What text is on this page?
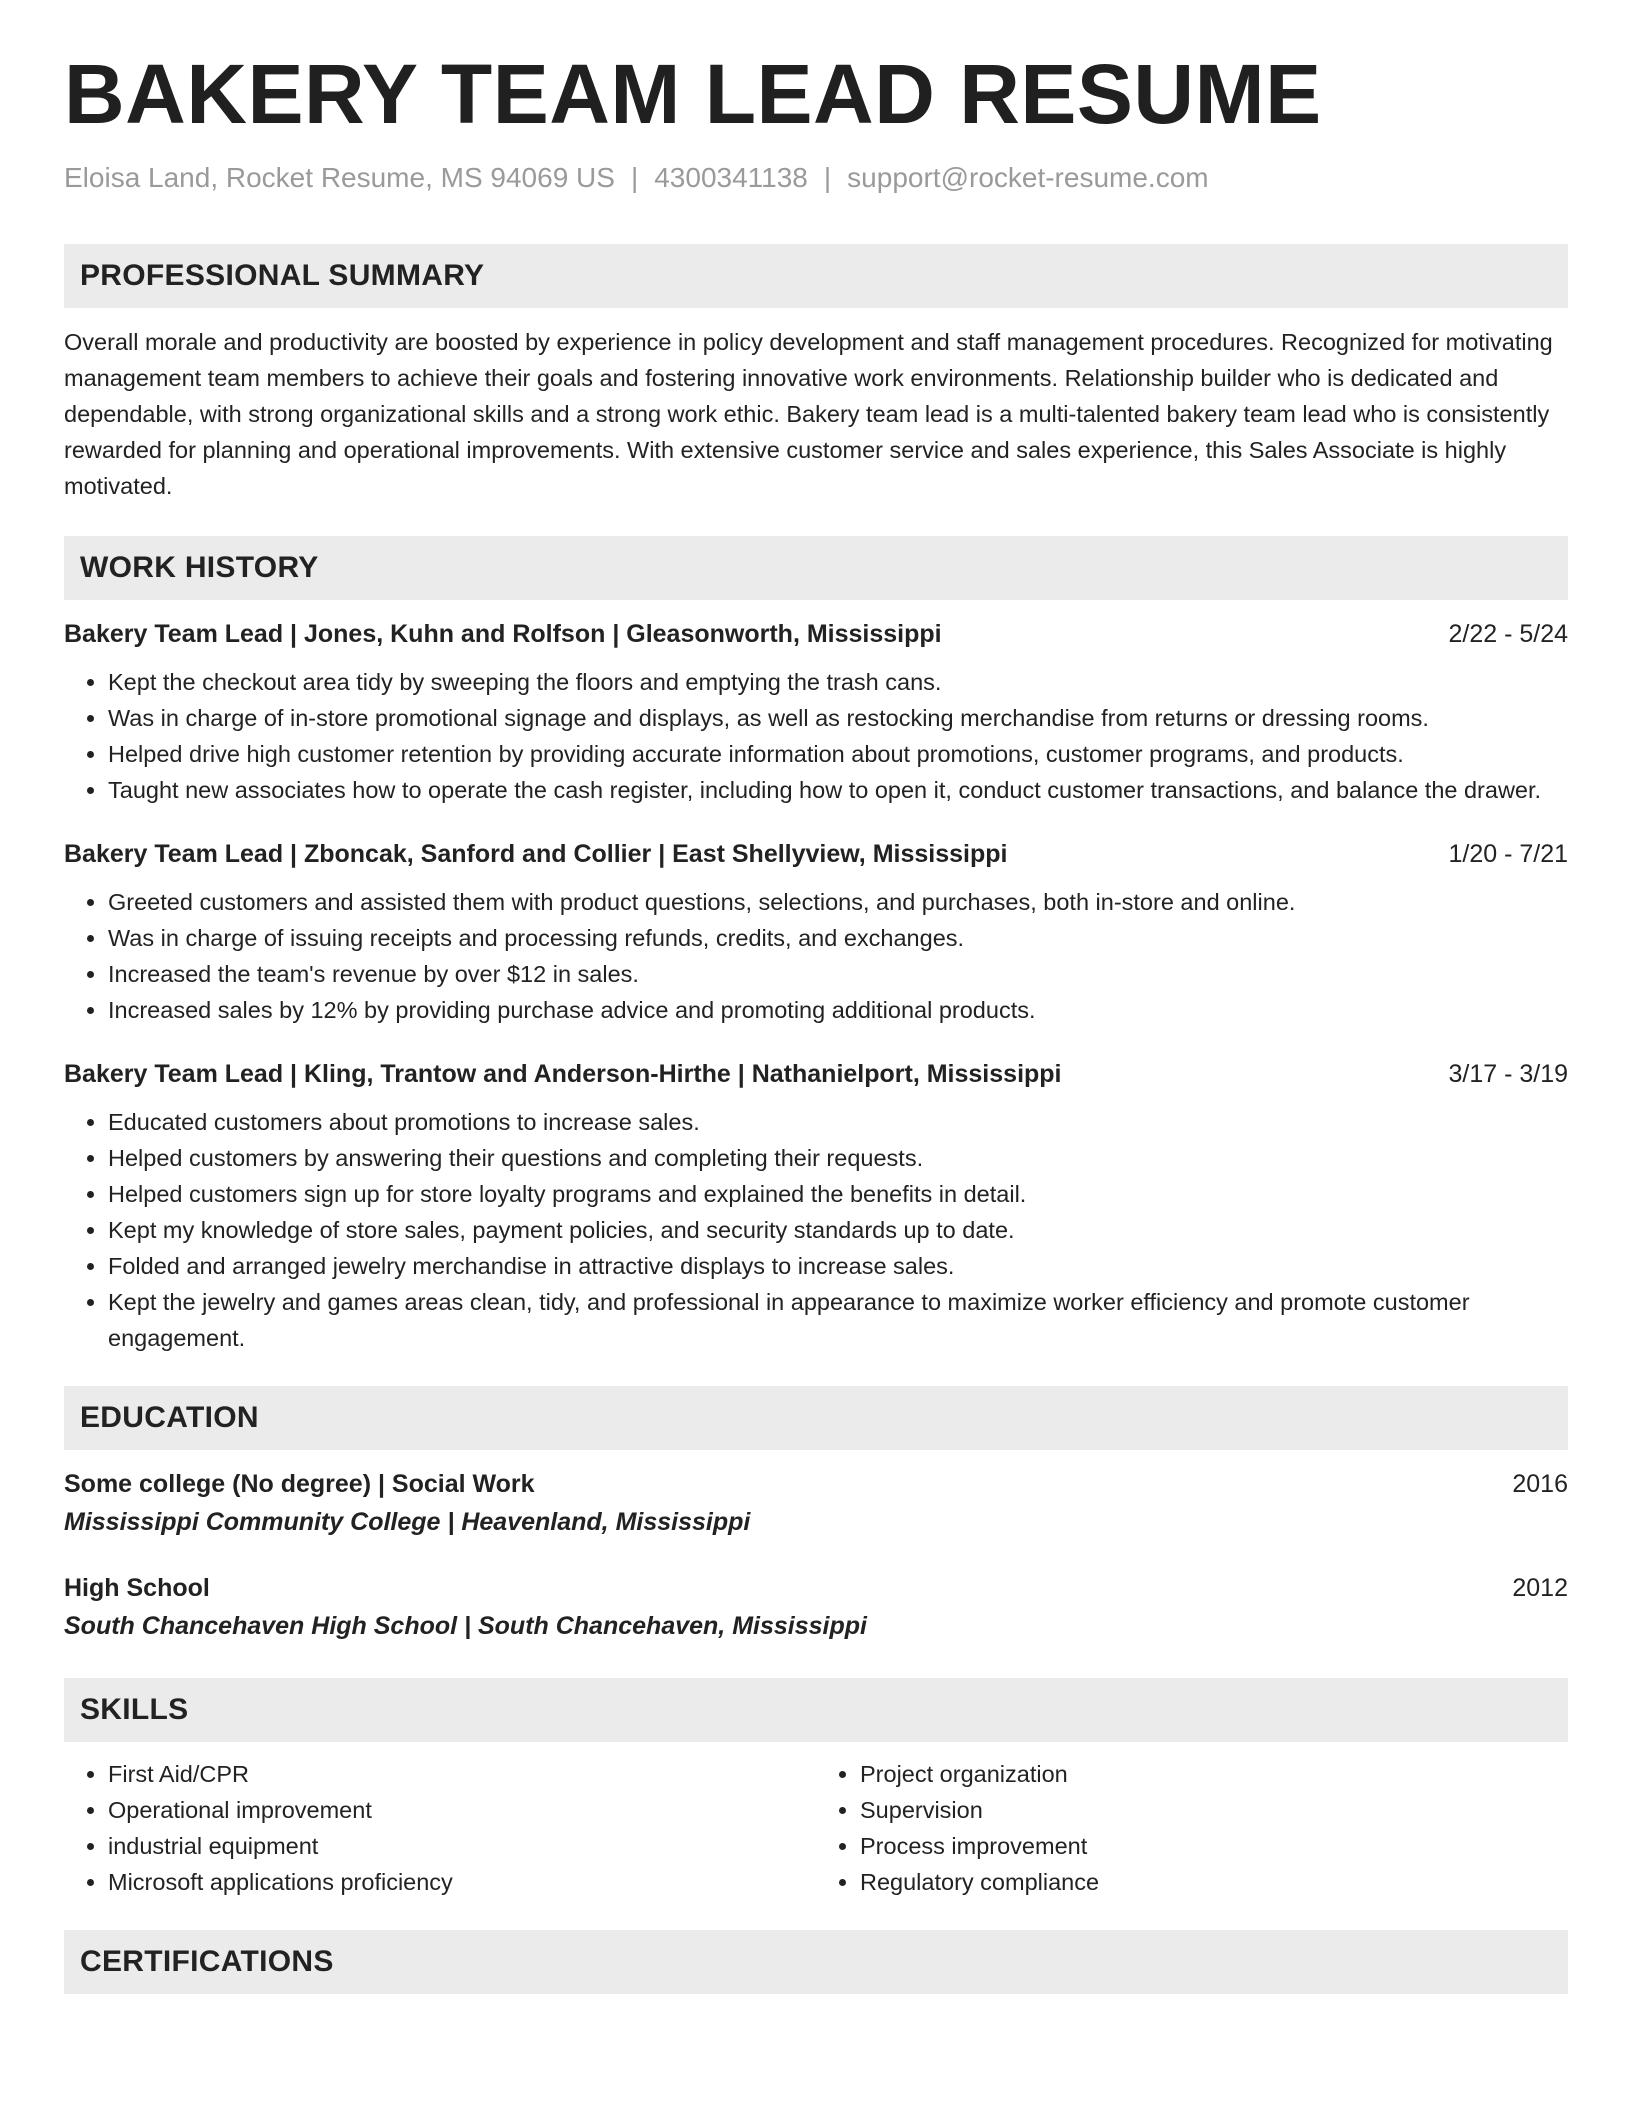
BAKERY TEAM LEAD RESUME
Eloisa Land, Rocket Resume, MS 94069 US | 4300341138 | support@rocket-resume.com
PROFESSIONAL SUMMARY

Overall morale and productivity are boosted by experience in policy development and staff management procedures. Recognized for motivating management team members to achieve their goals and fostering innovative work environments. Relationship builder who is dedicated and dependable, with strong organizational skills and a strong work ethic. Bakery team lead is a multi-talented bakery team lead who is consistently rewarded for planning and operational improvements. With extensive customer service and sales experience, this Sales Associate is highly motivated.

WORK HISTORY
Bakery Team Lead | Jones, Kuhn and Rolfson | Gleasonworth, Mississippi	2/22 - 5/24
• Kept the checkout area tidy by sweeping the floors and emptying the trash cans.
• Was in charge of in-store promotional signage and displays, as well as restocking merchandise from returns or dressing rooms.
• Helped drive high customer retention by providing accurate information about promotions, customer programs, and products.
• Taught new associates how to operate the cash register, including how to open it, conduct customer transactions, and balance the drawer.
Bakery Team Lead | Zboncak, Sanford and Collier | East Shellyview, Mississippi	1/20 - 7/21
• Greeted customers and assisted them with product questions, selections, and purchases, both in-store and online.
• Was in charge of issuing receipts and processing refunds, credits, and exchanges.
• Increased the team's revenue by over $12 in sales.
• Increased sales by 12% by providing purchase advice and promoting additional products.
Bakery Team Lead | Kling, Trantow and Anderson-Hirthe | Nathanielport, Mississippi	3/17 - 3/19
• Educated customers about promotions to increase sales.
• Helped customers by answering their questions and completing their requests.
• Helped customers sign up for store loyalty programs and explained the benefits in detail.
• Kept my knowledge of store sales, payment policies, and security standards up to date.
• Folded and arranged jewelry merchandise in attractive displays to increase sales.
• Kept the jewelry and games areas clean, tidy, and professional in appearance to maximize worker efficiency and promote customer engagement.
EDUCATION
Some college (No degree) | Social Work	2016
Mississippi Community College | Heavenland, Mississippi
High School	2012
South Chancehaven High School | South Chancehaven, Mississippi
SKILLS
• First Aid/CPR
• Operational improvement
• industrial equipment
• Microsoft applications proficiency
• Project organization
• Supervision
• Process improvement
• Regulatory compliance
CERTIFICATIONS
